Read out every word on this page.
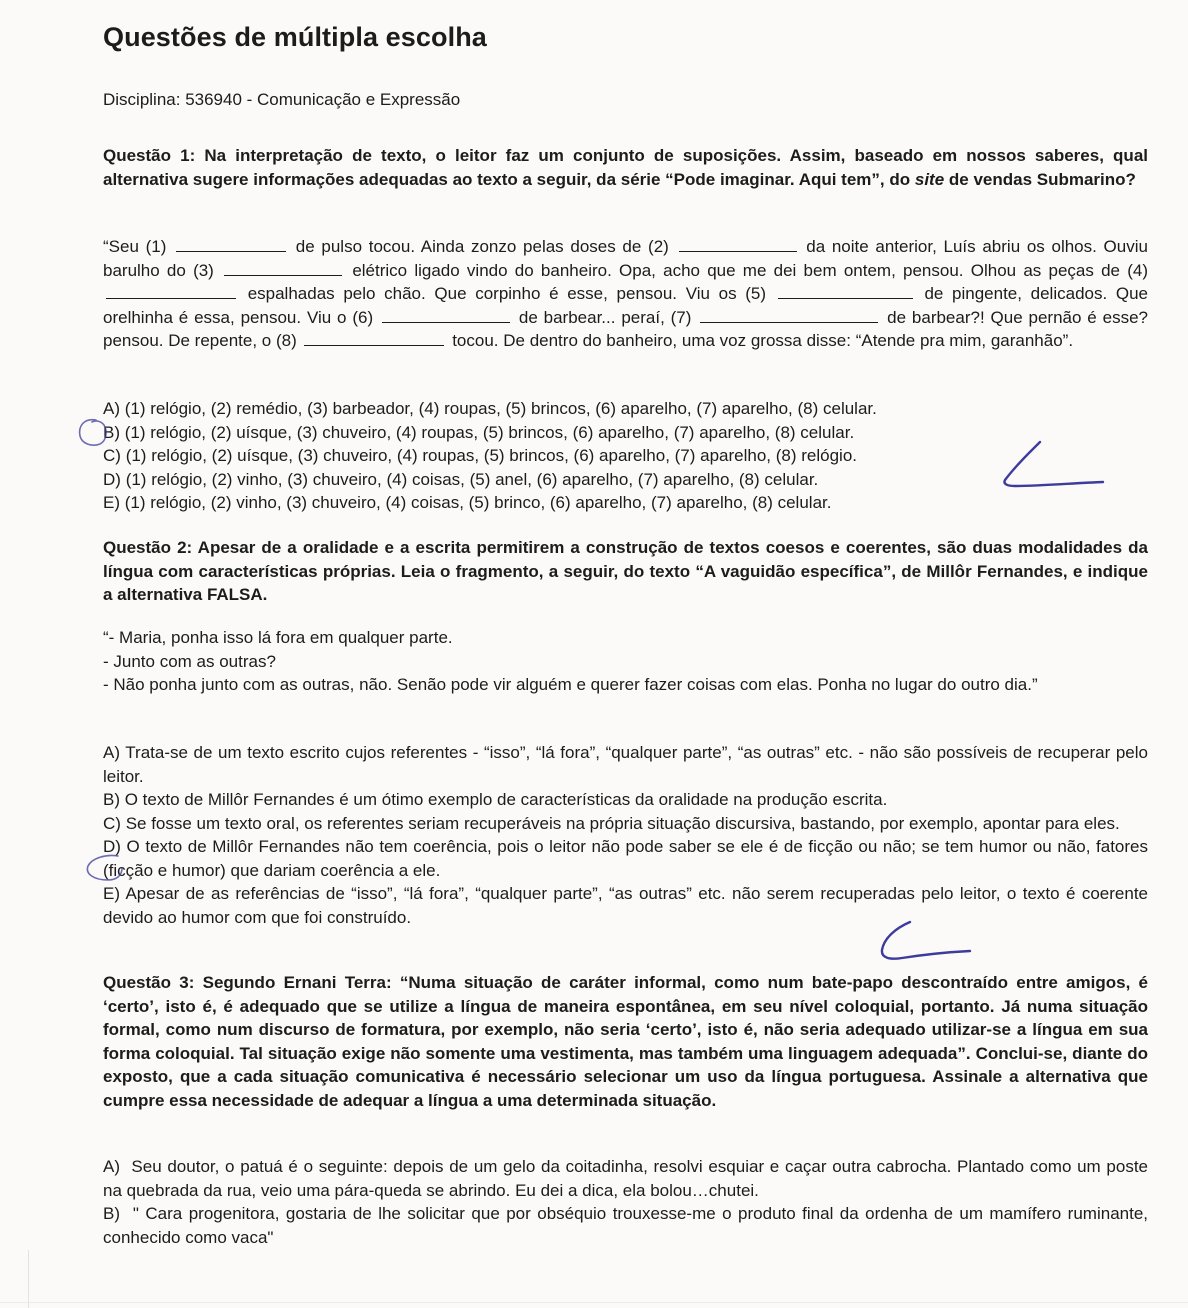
Questões de múltipla escolha
Disciplina: 536940 - Comunicação e Expressão
Questão 1: Na interpretação de texto, o leitor faz um conjunto de suposições. Assim, baseado em nossos saberes, qual alternativa sugere informações adequadas ao texto a seguir, da série “Pode imaginar. Aqui tem”, do site de vendas Submarino?
“Seu (1)	de pulso tocou. Ainda zonzo pelas doses de (2)	da noite anterior, Luís abriu os olhos. Ouviu barulho do (3)	elétrico ligado vindo do banheiro. Opa, acho que me dei bem ontem, pensou. Olhou as peças de (4)  espalhadas pelo chão. Que corpinho é esse, pensou. Viu os (5)	de pingente, delicados. Que orelhinha é essa, pensou. Viu o (6)	de barbear... peraí, (7)	de barbear?! Que pernão é esse? pensou. De repente, o (8)	tocou. De dentro do banheiro, uma voz grossa disse: “Atende pra mim, garanhão”.
A) (1) relógio, (2) remédio, (3) barbeador, (4) roupas, (5) brincos, (6) aparelho, (7) aparelho, (8) celular.
B) (1) relógio, (2) uísque, (3) chuveiro, (4) roupas, (5) brincos, (6) aparelho, (7) aparelho, (8) celular.
C) (1) relógio, (2) uísque, (3) chuveiro, (4) roupas, (5) brincos, (6) aparelho, (7) aparelho, (8) relógio.
D) (1) relógio, (2) vinho, (3) chuveiro, (4) coisas, (5) anel, (6) aparelho, (7) aparelho, (8) celular.
E) (1) relógio, (2) vinho, (3) chuveiro, (4) coisas, (5) brinco, (6) aparelho, (7) aparelho, (8) celular.
Questão 2: Apesar de a oralidade e a escrita permitirem a construção de textos coesos e coerentes, são duas modalidades da língua com características próprias. Leia o fragmento, a seguir, do texto “A vaguidão específica”, de Millôr Fernandes, e indique a alternativa FALSA.
“- Maria, ponha isso lá fora em qualquer parte.
- Junto com as outras?
- Não ponha junto com as outras, não. Senão pode vir alguém e querer fazer coisas com elas. Ponha no lugar do outro dia.”
A) Trata-se de um texto escrito cujos referentes - “isso”, “lá fora”, “qualquer parte”, “as outras” etc. - não são possíveis de recuperar pelo leitor.
B) O texto de Millôr Fernandes é um ótimo exemplo de características da oralidade na produção escrita.
C) Se fosse um texto oral, os referentes seriam recuperáveis na própria situação discursiva, bastando, por exemplo, apontar para eles.
D) O texto de Millôr Fernandes não tem coerência, pois o leitor não pode saber se ele é de ficção ou não; se tem humor ou não, fatores (ficção e humor) que dariam coerência a ele.
E) Apesar de as referências de “isso”, “lá fora”, “qualquer parte”, “as outras” etc. não serem recuperadas pelo leitor, o texto é coerente devido ao humor com que foi construído.
Questão 3: Segundo Ernani Terra: “Numa situação de caráter informal, como num bate-papo descontraído entre amigos, é ‘certo’, isto é, é adequado que se utilize a língua de maneira espontânea, em seu nível coloquial, portanto. Já numa situação formal, como num discurso de formatura, por exemplo, não seria ‘certo’, isto é, não seria adequado utilizar-se a língua em sua forma coloquial. Tal situação exige não somente uma vestimenta, mas também uma linguagem adequada”. Conclui-se, diante do exposto, que a cada situação comunicativa é necessário selecionar um uso da língua portuguesa. Assinale a alternativa que cumpre essa necessidade de adequar a língua a uma determinada situação.
A) Seu doutor, o patuá é o seguinte: depois de um gelo da coitadinha, resolvi esquiar e caçar outra cabrocha. Plantado como um poste na quebrada da rua, veio uma pára-queda se abrindo. Eu dei a dica, ela bolou…chutei.
B) " Cara progenitora, gostaria de lhe solicitar que por obséquio trouxesse-me o produto final da ordenha de um mamífero ruminante, conhecido como vaca"
